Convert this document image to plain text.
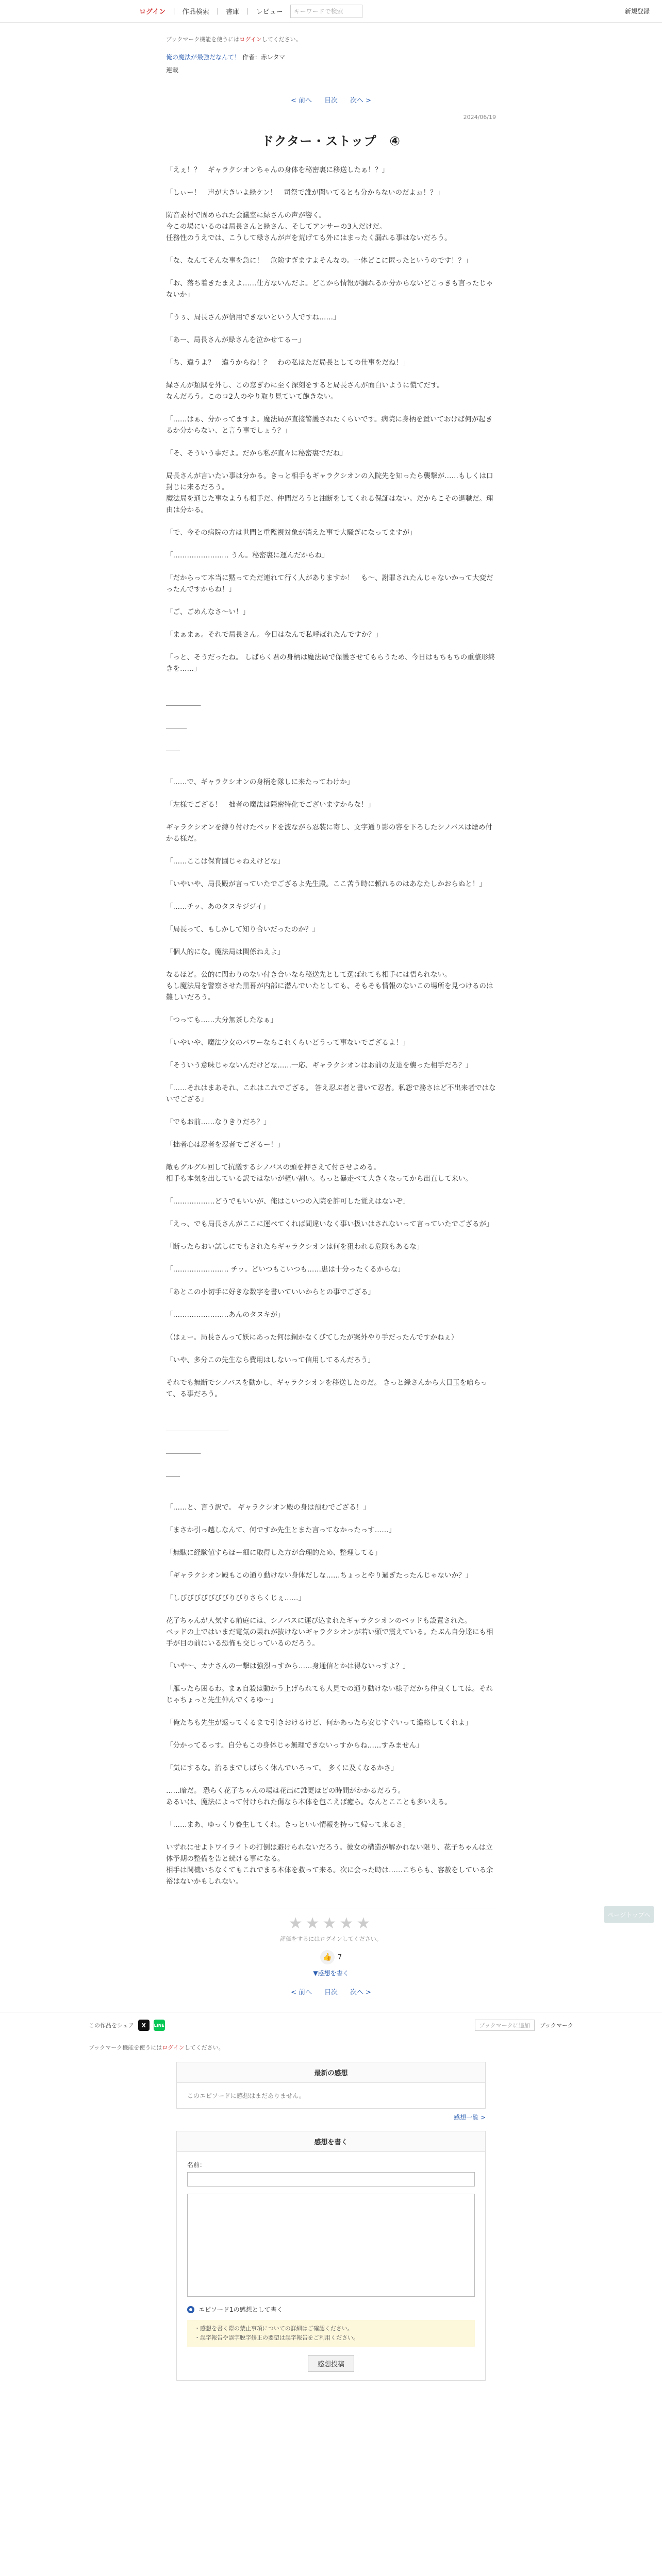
ログイン | 作品検索 | 書庫 | レビュー
キーワードで検索	新規登録
ブックマーク機能を使うにはログインしてください。
俺の魔法が最強だなんて！ 作者：赤レタマ
連載
< 前へ 目次 次へ >
2024/06/19
ドクター・ストップ　④

「えぇ！？　ギャラクシオンちゃんの身体を秘密裏に移送したぁ！？」

「しぃー！　声が大きいよ緑ケン！　司祭で誰が聞いてるとも分からないのだよぉ！？」

防音素材で固められた会議室に緑さんの声が響く。
今この場にいるのは局長さんと緑さん、そしてアンサーの3人だけだ。
任務性のうえでは、こうして緑さんが声を荒げても外にはまったく漏れる事はないだろう。

「な、なんてそんな事を急に！　危険すぎますよそんなの。一体どこに匿ったというのです！？」

「お、落ち着きたまえよ……仕方ないんだよ。どこから情報が漏れるか分からないどこっきも言ったじゃないか」

「うぅ、局長さんが信用できないという人ですね……」

「あー、局長さんが緑さんを泣かせてるー」

「ち、違うよ？　違うからね！？　わの私はただ局長としての仕事をだね！」

緑さんが類隅を外し、この窓ぎわに至く深刻をすると局長さんが面白いように慌てだす。
なんだろう。このコ2人のやり取り見ていて飽きない。

「……はぁ、分かってますよ。魔法局が直接警護されたくらいです。病院に身柄を置いておけば何が起きるか分からない、と言う事でしょう？」

「そ、そういう事だよ。だから私が直々に秘密裏でだね」

局長さんが言いたい事は分かる。きっと相手もギャラクシオンの入院先を知ったら襲撃が……もしくは口封じに来るだろう。
魔法局を通じた事なようも相手だ。仲間だろうと油断をしてくれる保証はない。だからこその退職だ。理由は分かる。

「で、今その病院の方は世間と重監視対象が消えた事で大騒ぎになってますが」

「…………………… うん。秘密裏に運んだからね」

「だからって本当に黙ってただ連れて行く人がありますか！　も～、謝罪されたんじゃないかって大変だったんですからね！」

「ご、ごめんなさ～い！」

「まぁまぁ。それで局長さん。今日はなんで私呼ばれたんですか？」

「っと、そうだったね。 しばらく君の身柄は魔法局で保護させてもらうため、今日はもちもちの重整形終きを……」

＿＿＿＿＿

＿＿＿

＿＿

「……で、ギャラクシオンの身柄を隊しに来たってわけか」

「左様でござる！　拙者の魔法は隠密特化でございますからな！」

ギャラクシオンを縛り付けたベッドを波ながら忍装に寄し、文字通り影の容を下ろしたシノバスは煙め付かる様だ。

「……ここは保育園じゃねえけどな」

「いやいや、局長殿が言っていたでござるよ先生殿。ここ苦う時に頼れるのはあなたしかおらぬと！」

「……チッ、あのタヌキジジイ」

「局長って、もしかして知り合いだったのか？」

「個人的にな。魔法局は関係ねえよ」

なるほど。公的に関わりのない付き合いなら秘送先として選ばれても相手には悟られない。
もし魔法局を警察させた黒幕が内部に潜んでいたとしても、そもそも情報のないこの場所を見つけるのは難しいだろう。

「つっても……大分無茶したなぁ」

「いやいや、魔法少女のパワーならこれくらいどうって事ないでござるよ！」

「そういう意味じゃないんだけどな……一応、ギャラクシオンはお前の友達を襲った相手だろ？」

「……それはまあそれ、これはこれでござる。 答え忍ぶ者と書いて忍者。私怨で務さはど不出来者ではないでござる」

「でもお前……なりきりだろ？」

「拙者心は忍者を忍者でござるー！」

敵もグルグル回して抗議するシノバスの頭を押さえて付させよめる。
相手も本気を出している訳ではないが軽い割い。もっと暴走べて大きくなってから出直して来い。

「………………どうでもいいが、俺はこいつの入院を許可した覚えはないぞ」

「えっ、でも局長さんがここに運べてくれば間違いなく事い扱いはされないって言っていたでござるが」

「断ったらおい試しにでもされたらギャラクシオンは何を狙われる危険もあるな」

「…………………… チッ。どいつもこいつも……患は十分ったくるからな」

「あとこの小切手に好きな数字を書いていいからとの事でござる」

「……………………あんのタヌキが」

（はぇー。局長さんって妖にあった何は鋼かなくびてしたが案外やり手だったんですかねぇ）

「いや、多分この先生なら費用はしないって信用してるんだろう」

それでも無断でシノバスを動かし、ギャラクシオンを移送したのだ。 きっと緑さんから大目玉を喰らって、る事だろう。

＿＿＿＿＿＿＿＿＿

＿＿＿＿＿

＿＿

「……と、言う訳で。 ギャラクシオン殿の身は預むでござる！」

「まさか引っ越しなんて、何ですか先生とまた言ってなかったっす……」

「無駄に経験値すらほー細に取得した方が合理的ため、整理してる」

「ギャラクシオン殿もこの通り動けない身体だしな……ちょっとやり過ぎたったんじゃないか？」

「しびびびびびびびりびりさらくじぇ……」

花子ちゃんが人気する前庭には、シノバスに運び込まれたギャラクシオンのベッドも設置された。
ベッドの上ではいまだ電気の果れが抜けないギャラクシオンが若い頭で震えている。たぶん自分達にも相手が目の前にいる恐怖も交じっているのだろう。

「いや～、カナさんの一撃は強烈っすから……身通信とかは得ないっすよ？」

「雁ったら困るわ。まぁ自殺は動かう上げられても人見での通り動けない様子だから仲良くしては。それじゃちょっと先生仲んでくるゆ～」

「俺たちも先生が返ってくるまで引きおけるけど、何かあったら安じすぐいって違絡してくれよ」

「分かってるっす。自分もこの身体じゃ無理できないっすからね……すみません」

「気にするな。治るまでしばらく休んでいろって。 多くに及くなるかさ」

……暗だ。 恐らく花子ちゃんの場は花出に誰更ほどの時間がかかるだろう。
あるいは、魔法によって付けられた傷なら本体を包こえば癒ら。なんとこことも多いえる。

「……まあ、ゆっくり養生してくれ。きっといい情報を持って帰って来るさ」

いずれにせよトワイライトの打倒は避けられないだろう。彼女の構造が解かれない限り、花子ちゃんは立体予期の整備を告と続ける事になる。
相手は関機いちなくてもこれでまる本体を救って来る。次に会った時は……こちらも、容赦をしている余裕はないかもしれない。

★★★★★
評価をするにはログインしてください。
👍 7
▼感想を書く
< 前へ 目次 次へ >
ページトップへ
この作品をシェア	X	LINE	ブックマークに追加	ブックマーク
ブックマーク機能を使うにはログインしてください。
最新の感想
このエピソードに感想はまだありません。
感想一覧 >
感想を書く
名前：

エピソード1の感想として書く
・感想を書く際の禁止事項についての詳細はご確認ください。
・誤字報告や誤字脱字修正の要望は誤字報告をご利用ください。
感想投稿
